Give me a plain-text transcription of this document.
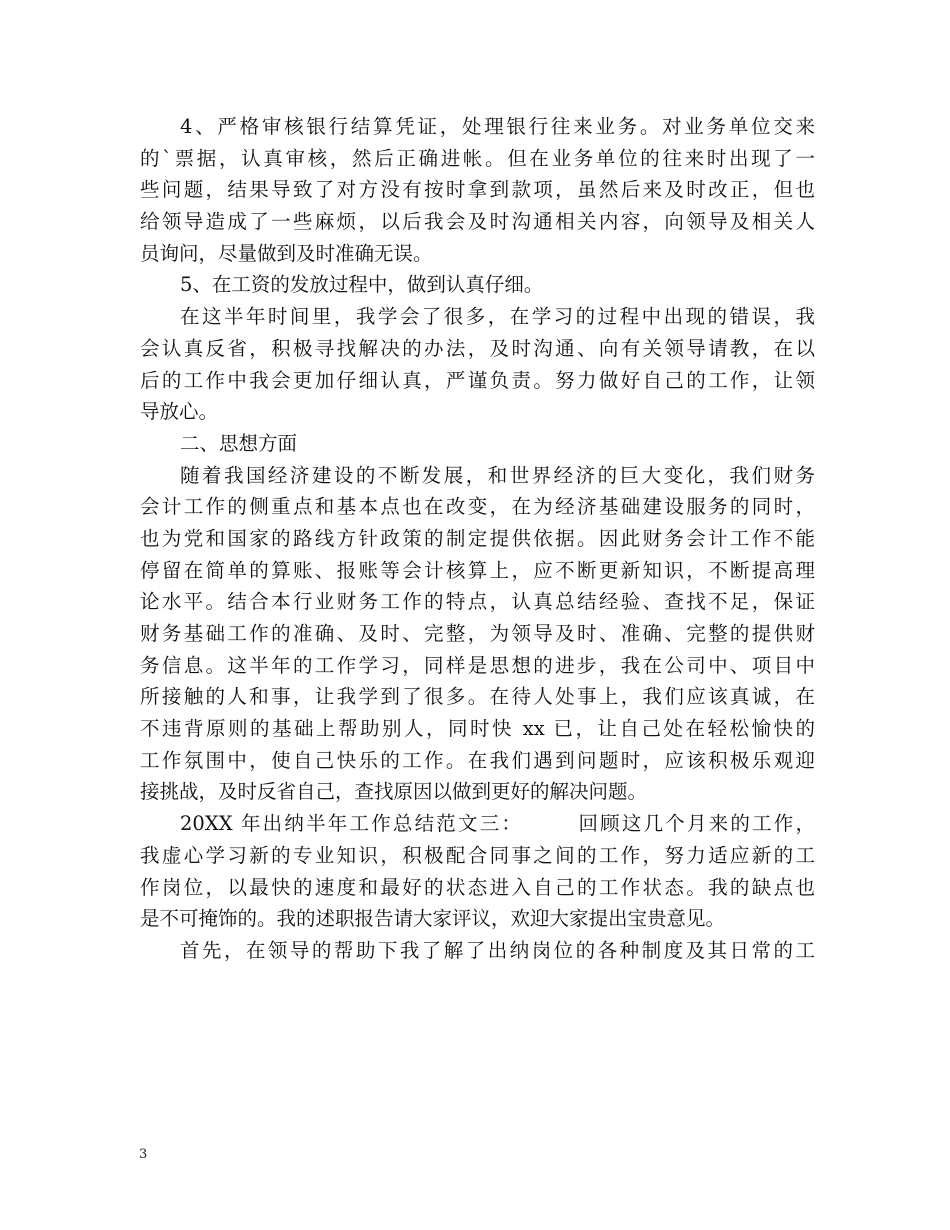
4、严格审核银行结算凭证，处理银行往来业务。对业务单位交来
的`票据，认真审核，然后正确进帐。但在业务单位的往来时出现了一
些问题，结果导致了对方没有按时拿到款项，虽然后来及时改正，但也
给领导造成了一些麻烦，以后我会及时沟通相关内容，向领导及相关人
员询问，尽量做到及时准确无误。
5、在工资的发放过程中，做到认真仔细。
在这半年时间里，我学会了很多，在学习的过程中出现的错误，我
会认真反省，积极寻找解决的办法，及时沟通、向有关领导请教，在以
后的工作中我会更加仔细认真，严谨负责。努力做好自己的工作，让领
导放心。
二、思想方面
随着我国经济建设的不断发展，和世界经济的巨大变化，我们财务
会计工作的侧重点和基本点也在改变，在为经济基础建设服务的同时，
也为党和国家的路线方针政策的制定提供依据。因此财务会计工作不能
停留在简单的算账、报账等会计核算上，应不断更新知识，不断提高理
论水平。结合本行业财务工作的特点，认真总结经验、查找不足，保证
财务基础工作的准确、及时、完整，为领导及时、准确、完整的提供财
务信息。这半年的工作学习，同样是思想的进步，我在公司中、项目中
所接触的人和事，让我学到了很多。在待人处事上，我们应该真诚，在
不违背原则的基础上帮助别人，同时快 xx 已，让自己处在轻松愉快的
工作氛围中，使自己快乐的工作。在我们遇到问题时，应该积极乐观迎
接挑战，及时反省自己，查找原因以做到更好的解决问题。
20XX 年出纳半年工作总结范文三：　　　回顾这几个月来的工作，
我虚心学习新的专业知识，积极配合同事之间的工作，努力适应新的工
作岗位，以最快的速度和最好的状态进入自己的工作状态。我的缺点也
是不可掩饰的。我的述职报告请大家评议，欢迎大家提出宝贵意见。
首先，在领导的帮助下我了解了出纳岗位的各种制度及其日常的工
3
